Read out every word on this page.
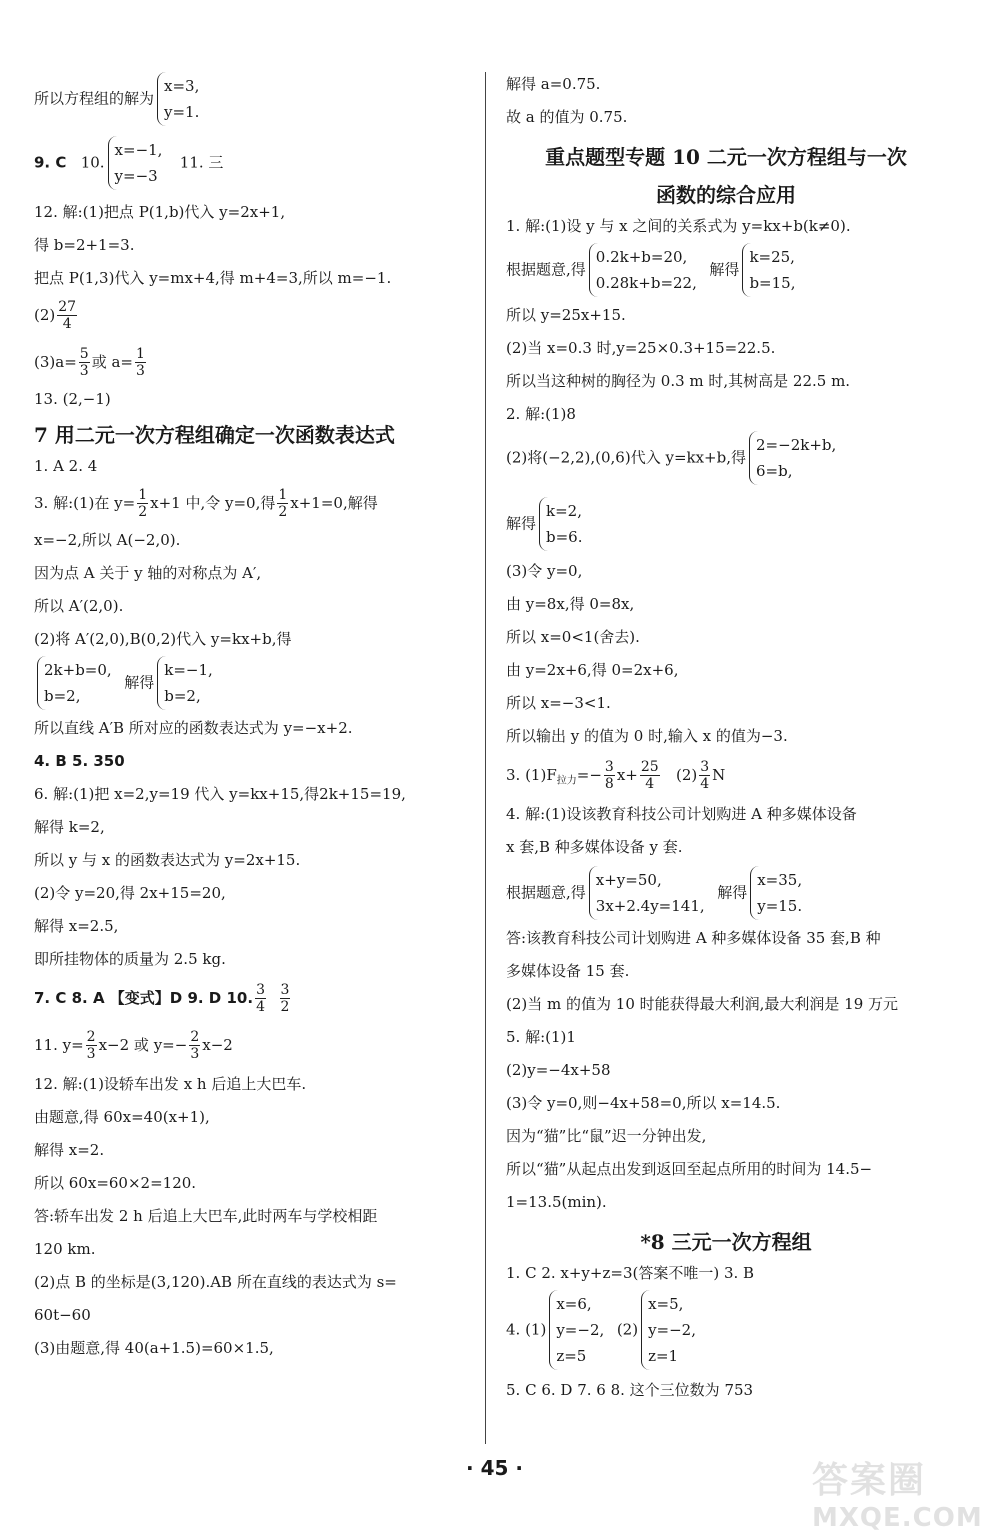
所以方程组的解为
x=3,
y=1.
9. C 10.
x=−1,
y=−3
11. 三
12. 解:(1)把点 P(1,b)代入 y=2x+1,
得 b=2+1=3.
把点 P(1,3)代入 y=mx+4,得 m+4=3,所以 m=−1.
$(2) \frac{27}{4}$
$(3)a= \frac{5}{3}$ 或 $a= \frac{1}{3}$
13. (2,−1)
7 用二元一次方程组确定一次函数表达式
1. A 2. 4
3. 解:(1)在 $y= \frac{1}{2} x+1$ 中,令 y=0,得 $\frac{1}{2} x+1=0$,解得
x=−2,所以 A(−2,0).
因为点 A 关于 y 轴的对称点为 A′,
所以 A′(2,0).
(2)将 A′(2,0),B(0,2)代入 y=kx+b,得
2k+b=0,
b=2,
解得
k=−1,
b=2,
所以直线 A′B 所对应的函数表达式为 y=−x+2.
4. B 5. 350
6. 解:(1)把 x=2,y=19 代入 y=kx+15,得2k+15=19,
解得 k=2,
所以 y 与 x 的函数表达式为 y=2x+15.
(2)令 y=20,得 2x+15=20,
解得 x=2.5,
即所挂物体的质量为 2.5 kg.
7. C 8. A 【变式】D 9. D 10. $\frac{3}{4}$
$\frac{3}{2}$
11. $y= \frac{2}{3} x-2$ 或 $y=- \frac{2}{3} x-2$
12. 解:(1)设轿车出发 x h 后追上大巴车.
由题意,得 60x=40(x+1),
解得 x=2.
所以 60x=60×2=120.
答:轿车出发 2 h 后追上大巴车,此时两车与学校相距
120 km.
(2)点 B 的坐标是(3,120).AB 所在直线的表达式为 s=
60t−60
(3)由题意,得 40(a+1.5)=60×1.5,
解得 a=0.75.
故 a 的值为 0.75.
重点题型专题 10 二元一次方程组与一次
函数的综合应用
1. 解:(1)设 y 与 x 之间的关系式为 y=kx+b(k≠0).
根据题意,得
0.2k+b=20,
0.28k+b=22,
解得
k=25,
b=15,
所以 y=25x+15.
(2)当 x=0.3 时,y=25×0.3+15=22.5.
所以当这种树的胸径为 0.3 m 时,其树高是 22.5 m.
2. 解:(1)8
(2)将(−2,2),(0,6)代入 y=kx+b,得
2=−2k+b,
6=b,
解得
k=2,
b=6.
(3)令 y=0,
由 y=8x,得 0=8x,
所以 x=0<1(舍去).
由 y=2x+6,得 0=2x+6,
所以 x=−3<1.
所以输出 y 的值为 0 时,输入 x 的值为−3.
3. $(1)F_{拉力}=- \frac{3}{8} x+ \frac{25}{4} (2) \frac{3}{4}$ N
4. 解:(1)设该教育科技公司计划购进 A 种多媒体设备
x 套,B 种多媒体设备 y 套.
根据题意,得
x+y=50,
3x+2.4y=141,
解得
x=35,
y=15.
答:该教育科技公司计划购进 A 种多媒体设备 35 套,B 种
多媒体设备 15 套.
(2)当 m 的值为 10 时能获得最大利润,最大利润是 19 万元
5. 解:(1)1
(2)y=−4x+58
(3)令 y=0,则−4x+58=0,所以 x=14.5.
因为“猫”比“鼠”迟一分钟出发,
所以“猫”从起点出发到返回至起点所用的时间为 14.5−
1=13.5(min).
*8 三元一次方程组
1. C 2. x+y+z=3(答案不唯一) 3. B
4. (1)
x=6,
y=−2,
z=5
(2)
x=5,
y=−2,
z=1
5. C 6. D 7. 6 8. 这个三位数为 753
· 45 ·	答案圈
MXQE.COM
